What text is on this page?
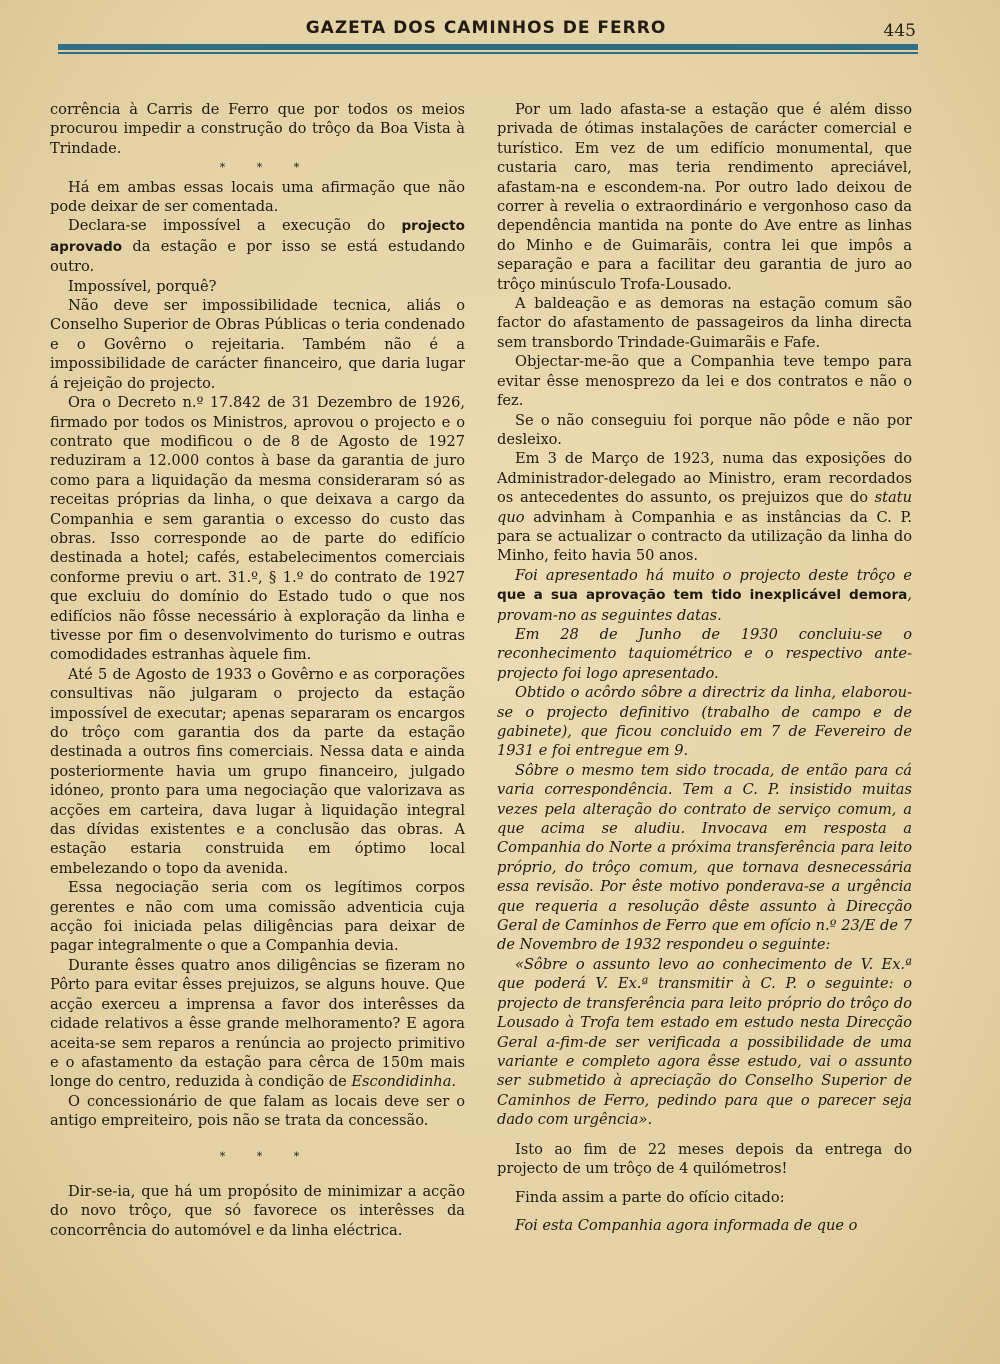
GAZETA DOS CAMINHOS DE FERRO	445

corrência à Carris de Ferro que por todos os meios procurou impedir a construção do trôço da Boa Vista à Trindade.

* * *

Há em ambas essas locais uma afirmação que não pode deixar de ser comentada.

Declara-se impossível a execução do projecto aprovado da estação e por isso se está estudando outro.

Impossível, porquê?

Não deve ser impossibilidade tecnica, aliás o Conselho Superior de Obras Públicas o teria condenado e o Govêrno o rejeitaria. Também não é a impossibilidade de carácter financeiro, que daria lugar á rejeição do projecto.

Ora o Decreto n.º 17.842 de 31 Dezembro de 1926, firmado por todos os Ministros, aprovou o projecto e o contrato que modificou o de 8 de Agosto de 1927 reduziram a 12.000 contos à base da garantia de juro como para a liquidação da mesma consideraram só as receitas próprias da linha, o que deixava a cargo da Companhia e sem garantia o excesso do custo das obras. Isso corresponde ao de parte do edifício destinada a hotel; cafés, estabelecimentos comerciais conforme previu o art. 31.º, § 1.º do contrato de 1927 que excluiu do domínio do Estado tudo o que nos edifícios não fôsse necessário à exploração da linha e tivesse por fim o desenvolvimento do turismo e outras comodidades estranhas àquele fim.

Até 5 de Agosto de 1933 o Govêrno e as corporações consultivas não julgaram o projecto da estação impossível de executar; apenas separaram os encargos do trôço com garantia dos da parte da estação destinada a outros fins comerciais. Nessa data e ainda posteriormente havia um grupo financeiro, julgado idóneo, pronto para uma negociação que valorizava as acções em carteira, dava lugar à liquidação integral das dívidas existentes e a conclusão das obras. A estação estaria construida em óptimo local embelezando o topo da avenida.

Essa negociação seria com os legítimos corpos gerentes e não com uma comissão adventicia cuja acção foi iniciada pelas diligências para deixar de pagar integralmente o que a Companhia devia.

Durante êsses quatro anos diligências se fizeram no Pôrto para evitar êsses prejuizos, se alguns houve. Que acção exerceu a imprensa a favor dos interêsses da cidade relativos a êsse grande melhoramento? E agora aceita-se sem reparos a renúncia ao projecto primitivo e o afastamento da estação para cêrca de 150m mais longe do centro, reduzida à condição de Escondidinha.

O concessionário de que falam as locais deve ser o antigo empreiteiro, pois não se trata da concessão.

* * *

Dir-se-ia, que há um propósito de minimizar a acção do novo trôço, que só favorece os interêsses da concorrência do automóvel e da linha eléctrica.

Por um lado afasta-se a estação que é além disso privada de ótimas instalações de carácter comercial e turístico. Em vez de um edifício monumental, que custaria caro, mas teria rendimento apreciável, afastam-na e escondem-na. Por outro lado deixou de correr à revelia o extraordinário e vergonhoso caso da dependência mantida na ponte do Ave entre as linhas do Minho e de Guimarãis, contra lei que impôs a separação e para a facilitar deu garantia de juro ao trôço minúsculo Trofa-Lousado.

A baldeação e as demoras na estação comum são factor do afastamento de passageiros da linha directa sem transbordo Trindade-Guimarãis e Fafe.

Objectar-me-ão que a Companhia teve tempo para evitar êsse menosprezo da lei e dos contratos e não o fez.

Se o não conseguiu foi porque não pôde e não por desleixo.

Em 3 de Março de 1923, numa das exposições do Administrador-delegado ao Ministro, eram recordados os antecedentes do assunto, os prejuizos que do statu quo advinham à Companhia e as instâncias da C. P. para se actualizar o contracto da utilização da linha do Minho, feito havia 50 anos.

Foi apresentado há muito o projecto deste trôço e que a sua aprovação tem tido inexplicável demora, provam-no as seguintes datas.

Em 28 de Junho de 1930 concluiu-se o reconhecimento taquiométrico e o respectivo ante-projecto foi logo apresentado.

Obtido o acôrdo sôbre a directriz da linha, elaborou-se o projecto definitivo (trabalho de campo e de gabinete), que ficou concluido em 7 de Fevereiro de 1931 e foi entregue em 9.

Sôbre o mesmo tem sido trocada, de então para cá varia correspondência. Tem a C. P. insistido muitas vezes pela alteração do contrato de serviço comum, a que acima se aludiu. Invocava em resposta a Companhia do Norte a próxima transferência para leito próprio, do trôço comum, que tornava desnecessária essa revisão. Por êste motivo ponderava-se a urgência que requeria a resolução dêste assunto à Direcção Geral de Caminhos de Ferro que em ofício n.º 23/E de 7 de Novembro de 1932 respondeu o seguinte:

«Sôbre o assunto levo ao conhecimento de V. Ex.ª que poderá V. Ex.ª transmitir à C. P. o seguinte: o projecto de transferência para leito próprio do trôço do Lousado à Trofa tem estado em estudo nesta Direcção Geral a-fim-de ser verificada a possibilidade de uma variante e completo agora êsse estudo, vai o assunto ser submetido à apreciação do Conselho Superior de Caminhos de Ferro, pedindo para que o parecer seja dado com urgência».

Isto ao fim de 22 meses depois da entrega do projecto de um trôço de 4 quilómetros!

Finda assim a parte do ofício citado:

Foi esta Companhia agora informada de que o
